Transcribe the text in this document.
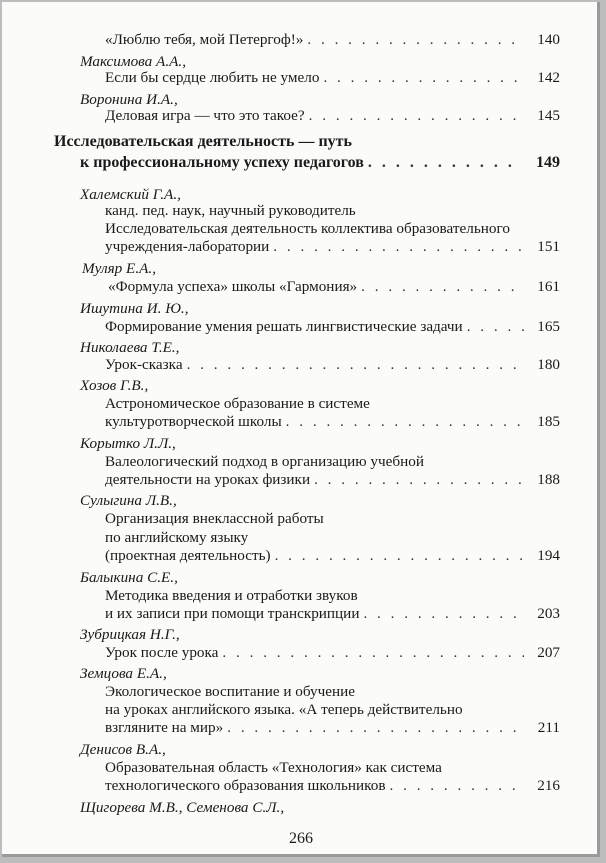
«Люблю тебя, мой Петергоф!» . . .	140
Максимова А.А.,
Если бы сердце любить не умело . . .	142
Воронина И.А.,
Деловая игра — что это такое? . . .	145
Исследовательская деятельность — путь
к профессиональному успеху педагогов . . .	149
Халемский Г.А.,
канд. пед. наук, научный руководитель
Исследовательская деятельность коллектива образовательного
учреждения-лаборатории . . .	151
Муляр Е.А.,
«Формула успеха» школы «Гармония» . . .	161
Ишутина И. Ю.,
Формирование умения решать лингвистические задачи . . .	165
Николаева Т.Е.,
Урок-сказка . . .	180
Хозов Г.В.,
Астрономическое образование в системе
культуротворческой школы . . .	185
Корытко Л.Л.,
Валеологический подход в организацию учебной
деятельности на уроках физики . . .	188
Сулыгина Л.В.,
Организация внеклассной работы
по английскому языку
(проектная деятельность) . . .	194
Балыкина С.Е.,
Методика введения и отработки звуков
и их записи при помощи транскрипции . . .	203
Зубрицкая Н.Г.,
Урок после урока . . .	207
Земцова Е.А.,
Экологическое воспитание и обучение
на уроках английского языка. «А теперь действительно
взгляните на мир» . . .	211
Денисов В.А.,
Образовательная область «Технология» как система
технологического образования школьников . . .	216
Щигорева М.В., Семенова С.Л.,
266
